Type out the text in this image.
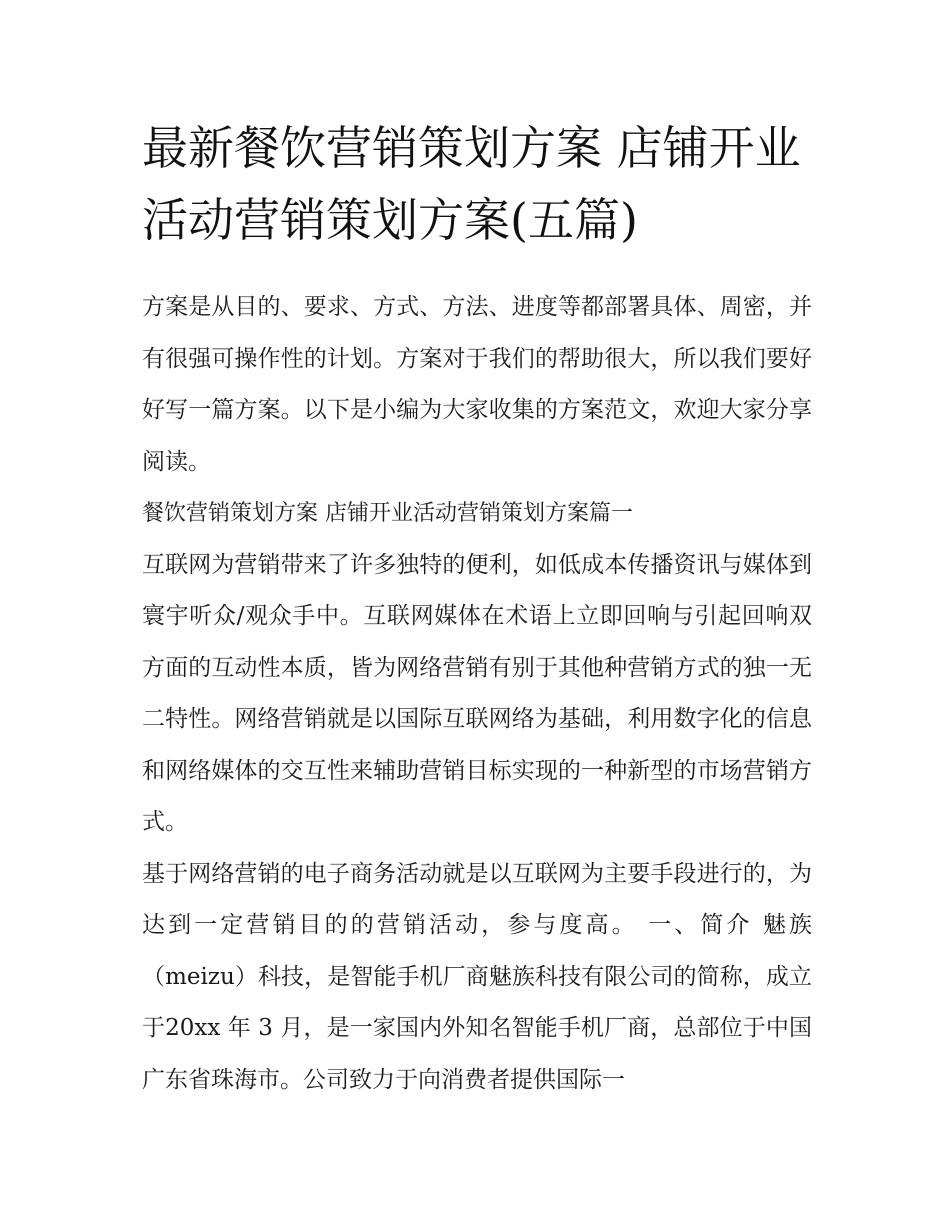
最新餐饮营销策划方案 店铺开业活动营销策划方案(五篇)

方案是从目的、要求、方式、方法、进度等都部署具体、周密，并有很强可操作性的计划。方案对于我们的帮助很大，所以我们要好好写一篇方案。以下是小编为大家收集的方案范文，欢迎大家分享阅读。

餐饮营销策划方案 店铺开业活动营销策划方案篇一

互联网为营销带来了许多独特的便利，如低成本传播资讯与媒体到寰宇听众/观众手中。互联网媒体在术语上立即回响与引起回响双方面的互动性本质，皆为网络营销有别于其他种营销方式的独一无二特性。网络营销就是以国际互联网络为基础，利用数字化的信息和网络媒体的交互性来辅助营销目标实现的一种新型的市场营销方式。

基于网络营销的电子商务活动就是以互联网为主要手段进行的，为达到一定营销目的的营销活动，参与度高。 一、简介 魅族（meizu）科技，是智能手机厂商魅族科技有限公司的简称，成立于20xx 年 3 月，是一家国内外知名智能手机厂商，总部位于中国广东省珠海市。公司致力于向消费者提供国际一
